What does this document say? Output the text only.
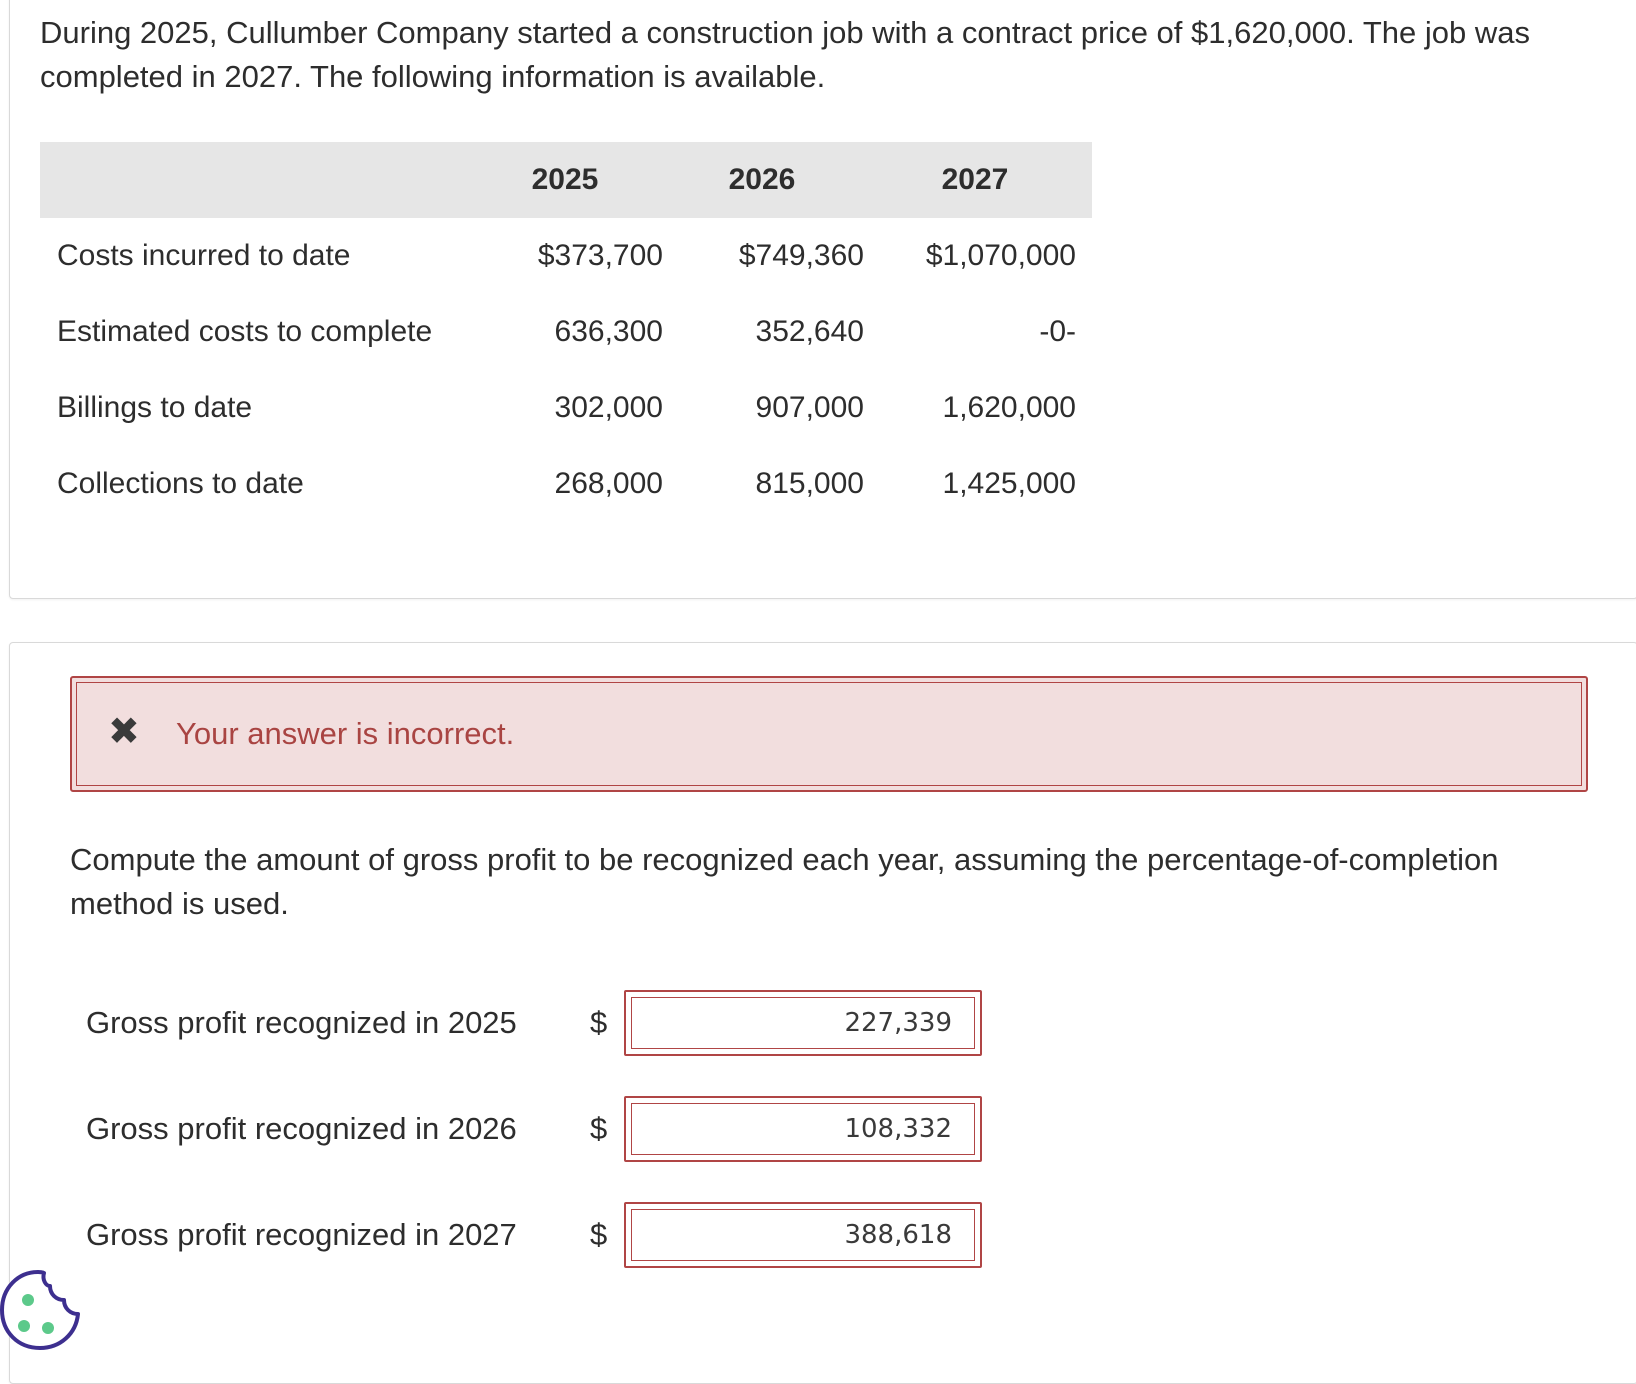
During 2025, Cullumber Company started a construction job with a contract price of $1,620,000. The job was completed in 2027. The following information is available.
2025	2026	2027
Costs incurred to date	$373,700	$749,360 $1,070,000
Estimated costs to complete	636,300	352,640	-0-
Billings to date	302,000	907,000	1,620,000
Collections to date	268,000	815,000	1,425,000
✖ Your answer is incorrect.
Compute the amount of gross profit to be recognized each year, assuming the percentage-of-completion method is used.
Gross profit recognized in 2025 $
227,339
Gross profit recognized in 2026 $
108,332
Gross profit recognized in 2027 $
388,618
